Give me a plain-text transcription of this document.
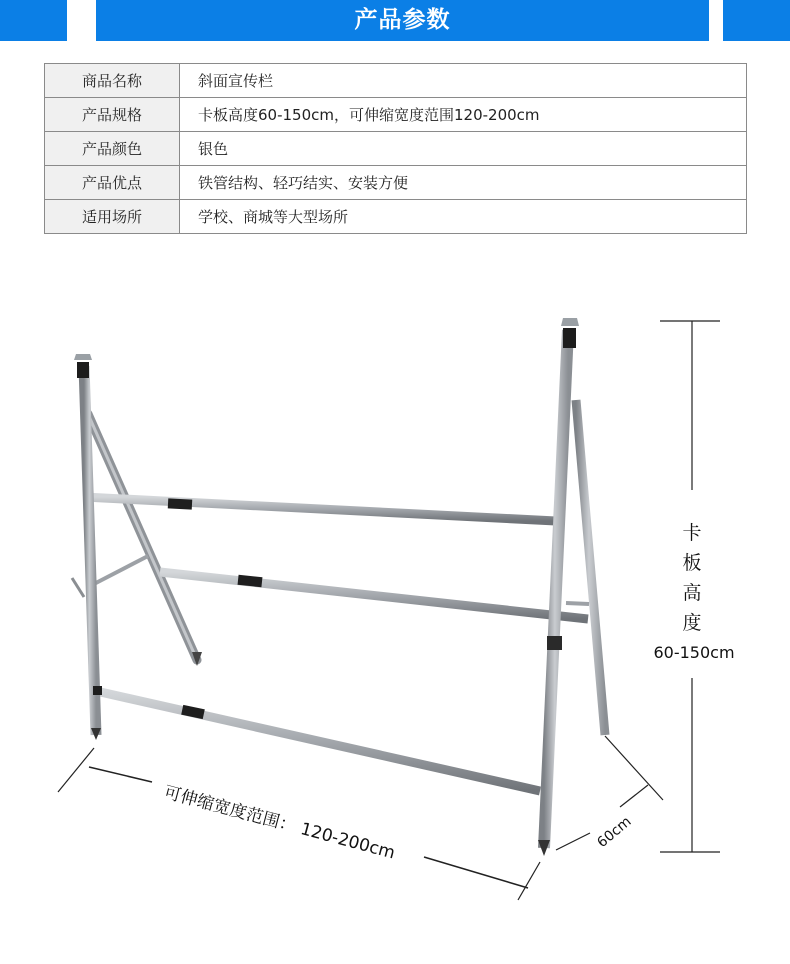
产品参数
商品名称	斜面宣传栏
产品规格	卡板高度60-150cm，可伸缩宽度范围120-200cm
产品颜色	银色
产品优点	铁管结构、轻巧结实、安装方便
适用场所	学校、商城等大型场所
卡
板
高
度
60-150cm
可伸缩宽度范围： 120-200cm	60cm
